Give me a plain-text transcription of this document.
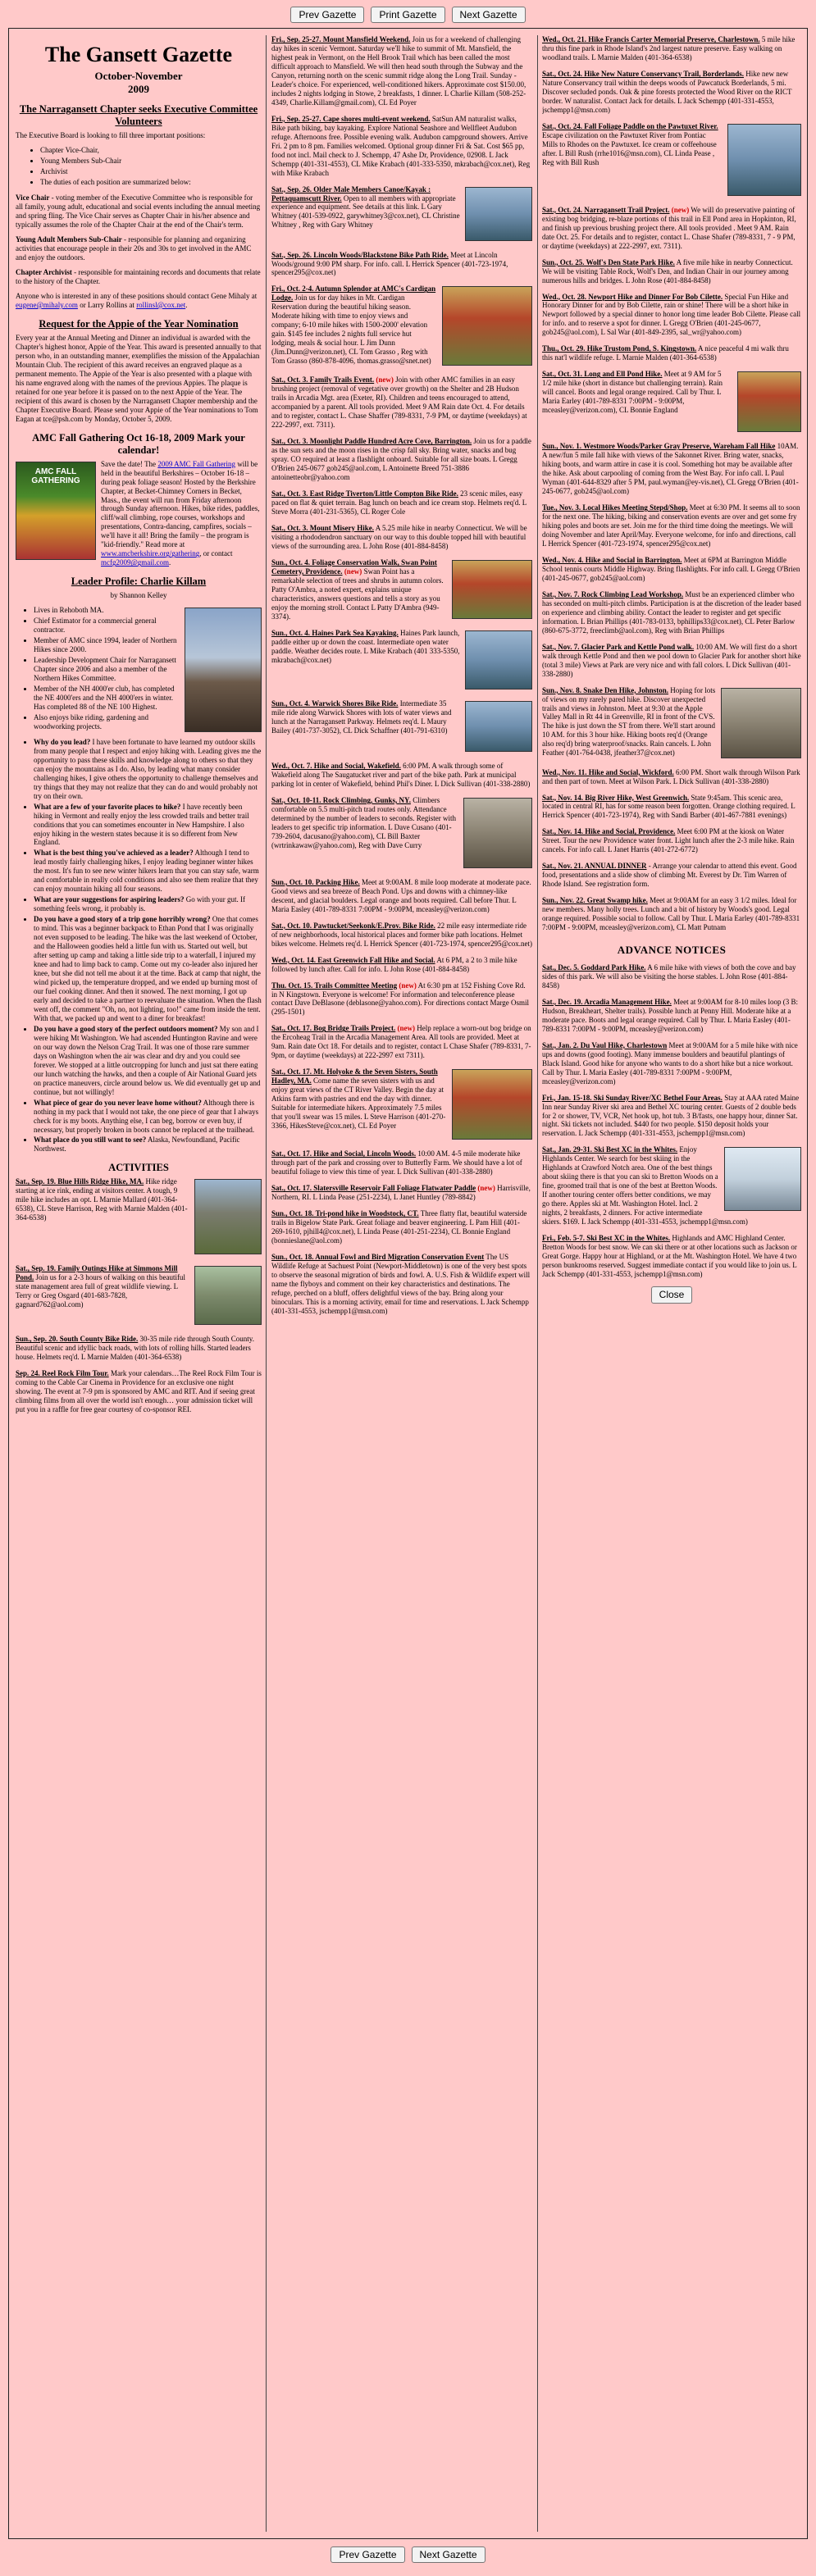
Prev Gazette Print Gazette Next Gazette
The Gansett Gazette
October-November
2009
The Narragansett Chapter seeks Executive Committee Volunteers

The Executive Board is looking to fill three important positions:

• Chapter Vice-Chair,
• Young Members Sub-Chair
• Archivist
• The duties of each position are summarized below:

Vice Chair - voting member of the Executive Committee who is responsible for all family, young adult, educational and social events including the annual meeting and spring fling. The Vice Chair serves as Chapter Chair in his/her absence and typically assumes the role of the Chapter Chair at the end of the Chair's term.

Young Adult Members Sub-Chair - responsible for planning and organizing activities that encourage people in their 20s and 30s to get involved in the AMC and enjoy the outdoors.

Chapter Archivist - responsible for maintaining records and documents that relate to the history of the Chapter.

Anyone who is interested in any of these positions should contact Gene Mihaly at eugene@mihaly.com or Larry Rollins at rollinsl@cox.net.

Request for the Appie of the Year Nomination

Every year at the Annual Meeting and Dinner an individual is awarded with the Chapter's highest honor, Appie of the Year. This award is presented annually to that person who, in an outstanding manner, exemplifies the mission of the Appalachian Mountain Club. The recipient of this award receives an engraved plaque as a permanent memento. The Appie of the Year is also presented with a plaque with his name engraved along with the names of the previous Appies. The plaque is retained for one year before it is passed on to the next Appie of the Year. The recipient of this award is chosen by the Narragansett Chapter membership and the Chapter Executive Board. Please send your Appie of the Year nominations to Tom Eagan at tce@psh.com by Monday, October 5, 2009.

AMC Fall Gathering Oct 16-18, 2009 Mark your calendar!

AMC FALL GATHERING
Save the date! The 2009 AMC Fall Gathering will be held in the beautiful Berkshires – October 16-18 – during peak foliage season! Hosted by the Berkshire Chapter, at Becket-Chimney Corners in Becket, Mass., the event will run from Friday afternoon through Sunday afternoon. Hikes, bike rides, paddles, cliff/wall climbing, rope courses, workshops and presentations, Contra-dancing, campfires, socials – we'll have it all! Bring the family – the program is "kid-friendly." Read more at www.amcberkshire.org/gathering, or contact mcfg2009@gmail.com.

Leader Profile: Charlie Killam

by Shannon Kelley

• Lives in Rehoboth MA.
• Chief Estimator for a commercial general contractor.
• Member of AMC since 1994, leader of Northern Hikes since 2000.
• Leadership Development Chair for Narragansett Chapter since 2006 and also a member of the Northern Hikes Committee.
• Member of the NH 4000'er club, has completed the NE 4000'ers and the NH 4000'ers in winter. Has completed 88 of the NE 100 Highest.
• Also enjoys bike riding, gardening and woodworking projects.
• Why do you lead? I have been fortunate to have learned my outdoor skills from many people that I respect and enjoy hiking with. Leading gives me the opportunity to pass these skills and knowledge along to others so that they can enjoy the mountains as I do. Also, by leading what many consider challenging hikes, I give others the opportunity to challenge themselves and try things that they may not realize that they can do and would probably not try on their own.
• What are a few of your favorite places to hike? I have recently been hiking in Vermont and really enjoy the less crowded trails and better trail conditions that you can sometimes encounter in New Hampshire. I also enjoy hiking in the western states because it is so different from New England.
• What is the best thing you've achieved as a leader? Although I tend to lead mostly fairly challenging hikes, I enjoy leading beginner winter hikes the most. It's fun to see new winter hikers learn that you can stay safe, warm and comfortable in really cold conditions and also see them realize that they can enjoy mountain hiking all four seasons.
• What are your suggestions for aspiring leaders? Go with your gut. If something feels wrong, it probably is.
• Do you have a good story of a trip gone horribly wrong? One that comes to mind. This was a beginner backpack to Ethan Pond that I was originally not even supposed to be leading. The hike was the last weekend of October, and the Halloween goodies held a little fun with us. Started out well, but after setting up camp and taking a little side trip to a waterfall, I injured my knee and had to limp back to camp. Come out my co-leader also injured her knee, but she did not tell me about it at the time. Back at camp that night, the wind picked up, the temperature dropped, and we ended up burning most of our fuel cooking dinner. And then it snowed. The next morning, I got up early and decided to take a partner to reevaluate the situation. When the flash went off, the comment "Oh, no, not lighting, too!" came from inside the tent. With that, we packed up and went to a diner for breakfast!
• Do you have a good story of the perfect outdoors moment? My son and I were hiking Mt Washington. We had ascended Huntington Ravine and were on our way down the Nelson Crag Trail. It was one of those rare summer days on Washington when the air was clear and dry and you could see forever. We stopped at a little outcropping for lunch and just sat there eating our lunch watching the hawks, and then a couple of Air National Guard jets on practice maneuvers, circle around below us. We did eventually get up and continue, but not willingly!
• What piece of gear do you never leave home without? Although there is nothing in my pack that I would not take, the one piece of gear that I always check for is my boots. Anything else, I can beg, borrow or even buy, if necessary, but properly broken in boots cannot be replaced at the trailhead.
• What place do you still want to see? Alaska, Newfoundland, Pacific Northwest.
ACTIVITIES
Sat., Sep. 19. Blue Hills Ridge Hike, MA. Hike ridge starting at ice rink, ending at visitors center. A tough, 9 mile hike includes an opt. L Marnie Mallard (401-364-6538), CL Steve Harrison, Reg with Marnie Malden (401-364-6538)
Sat., Sep. 19. Family Outings Hike at Simmons Mill Pond. Join us for a 2-3 hours of walking on this beautiful state management area full of great wildlife viewing. L Terry or Greg Osgard (401-683-7828, gagnard762@aol.com)
Sun., Sep. 20. South County Bike Ride. 30-35 mile ride through South County. Beautiful scenic and idyllic back roads, with lots of rolling hills. Started leaders house. Helmets req'd. L Marnie Malden (401-364-6538)
Sep. 24. Reel Rock Film Tour. Mark your calendars…The Reel Rock Film Tour is coming to the Cable Car Cinema in Providence for an exclusive one night showing. The event at 7-9 pm is sponsored by AMC and RIT. And if seeing great climbing films from all over the world isn't enough… your admission ticket will put you in a raffle for free gear courtesy of co-sponsor REI.
Fri., Sep. 25-27. Mount Mansfield Weekend. Join us for a weekend of challenging day hikes in scenic Vermont. Saturday we'll hike to summit of Mt. Mansfield, the highest peak in Vermont, on the Hell Brook Trail which has been called the most difficult approach to Mansfield. We will then head south through the Subway and the Canyon, returning north on the scenic summit ridge along the Long Trail. Sunday - Leader's choice. For experienced, well-conditioned hikers. Approximate cost $150.00, includes 2 nights lodging in Stowe, 2 breakfasts, 1 dinner. L Charlie Killam (508-252-4349, Charlie.Killam@gmail.com), CL Ed Poyer
Fri., Sep. 25-27. Cape shores multi-event weekend. SatSun AM naturalist walks, Bike path biking, bay kayaking. Explore National Seashore and Wellfleet Audubon refuge. Afternoons free. Possible evening walk. Audubon campground showers. Arrive Fri. 2 pm to 8 pm. Families welcomed. Optional group dinner Fri & Sat. Cost $65 pp, food not incl. Mail check to J. Schempp, 47 Ashe Dr, Providence, 02908. L Jack Schempp (401-331-4553), CL Mike Krabach (401-333-5350, mkrabach@cox.net), Reg with Mike Krabach
Sat., Sep. 26. Older Male Members Canoe/Kayak : Pettaquamscutt River. Open to all members with appropriate experience and equipment. See details at this link. L Gary Whitney (401-539-0922, garywhitney3@cox.net), CL Christine Whitney , Reg with Gary Whitney
Sat., Sep. 26. Lincoln Woods/Blackstone Bike Path Ride. Meet at Lincoln Woods/ground 9:00 PM sharp. For info. call. L Herrick Spencer (401-723-1974, spencer295@cox.net)
Fri., Oct. 2-4. Autumn Splendor at AMC's Cardigan Lodge. Join us for day hikes in Mt. Cardigan Reservation during the beautiful hiking season. Moderate hiking with time to enjoy views and company; 6-10 mile hikes with 1500-2000' elevation gain. $145 fee includes 2 nights full service hut lodging, meals & social hour. L Jim Dunn (Jim.Dunn@verizon.net), CL Tom Grasso , Reg with Tom Grasso (860-878-4096, thomas.grasso@snet.net)
Sat., Oct. 3. Family Trails Event. (new) Join with other AMC families in an easy brushing project (removal of vegetative over growth) on the Shelter and 2B Hudson trails in Arcadia Mgt. area (Exeter, RI). Children and teens encouraged to attend, accompanied by a parent. All tools provided. Meet 9 AM Rain date Oct. 4. For details and to register, contact L. Chase Shaffer (789-8331, 7-9 PM, or daytime (weekdays) at 222-2997, ext. 7311).
Sat., Oct. 3. Moonlight Paddle Hundred Acre Cove, Barrington. Join us for a paddle as the sun sets and the moon rises in the crisp fall sky. Bring water, snacks and bug spray. CO required at least a flashlight onboard. Suitable for all size boats. L Gregg O'Brien 245-0677 gob245@aol.com, L Antoinette Breed 751-3886 antoinetteobr@yahoo.com
Sat., Oct. 3. East Ridge Tiverton/Little Compton Bike Ride. 23 scenic miles, easy paced on flat & quiet terrain. Bag lunch on beach and ice cream stop. Helmets req'd. L Steve Morra (401-231-5365), CL Roger Cole
Sat., Oct. 3. Mount Misery Hike. A 5.25 mile hike in nearby Connecticut. We will be visiting a rhododendron sanctuary on our way to this double topped hill with beautiful views of the surrounding area. L John Rose (401-884-8458)
Sun., Oct. 4. Foliage Conservation Walk, Swan Point Cemetery, Providence. (new) Swan Point has a remarkable selection of trees and shrubs in autumn colors. Patty O'Ambra, a noted expert, explains unique characteristics, answers questions and tells a story as you enjoy the morning stroll. Contact L Patty D'Ambra (949-3374).
Sun., Oct. 4. Haines Park Sea Kayaking. Haines Park launch, paddle either up or down the coast. Intermediate open water paddle. Weather decides route. L Mike Krabach (401 333-5350, mkrabach@cox.net)
Sun., Oct. 4. Warwick Shores Bike Ride. Intermediate 35 mile ride along Warwick Shores with lots of water views and lunch at the Narragansett Parkway. Helmets req'd. L Maury Bailey (401-737-3052), CL Dick Schaffner (401-791-6310)
Wed., Oct. 7. Hike and Social, Wakefield. 6:00 PM. A walk through some of Wakefield along The Saugatucket river and part of the bike path. Park at municipal parking lot in center of Wakefield, behind Phil's Diner. L Dick Sullivan (401-338-2880)
Sat., Oct. 10-11. Rock Climbing, Gunks, NY. Climbers comfortable on 5.5 multi-pitch trad routes only. Attendance determined by the number of leaders to seconds. Register with leaders to get specific trip information. L Dave Cusano (401-739-2604, dacusano@yahoo.com), CL Bill Baxter (wrtrinkawaw@yahoo.com), Reg with Dave Curry
Sun., Oct. 10. Packing Hike. Meet at 9:00AM. 8 mile loop moderate at moderate pace. Good views and sea breeze of Beach Pond. Ups and downs with a chimney-like descent, and glacial boulders. Legal orange and boots required. Call before Thur. L Maria Easley (401-789-8331 7:00PM - 9:00PM, mceasley@verizon.com)
Sat., Oct. 10. Pawtucket/Seekonk/E.Prov. Bike Ride. 22 mile easy intermediate ride of new neighborhoods, local historical places and former bike path locations. Helmet bikes welcome. Helmets req'd. L Herrick Spencer (401-723-1974, spencer295@cox.net)
Wed., Oct. 14. East Greenwich Fall Hike and Social. At 6 PM, a 2 to 3 mile hike followed by lunch after. Call for info. L John Rose (401-884-8458)
Thu. Oct. 15. Trails Committee Meeting (new) At 6:30 pm at 152 Fishing Cove Rd. in N Kingstown. Everyone is welcome! For information and teleconference please contact Dave DeBlasone (deblasone@yahoo.com). For directions contact Marge Osmil (295-1501)
Sat., Oct. 17. Bog Bridge Trails Project. (new) Help replace a worn-out bog bridge on the Ercoheag Trail in the Arcadia Management Area. All tools are provided. Meet at 9am. Rain date Oct 18. For details and to register, contact L Chase Shafer (789-8331, 7-9pm, or daytime (weekdays) at 222-2997 ext 7311).
Sat., Oct. 17. Mt. Holyoke & the Seven Sisters, South Hadley, MA. Come name the seven sisters with us and enjoy great views of the CT River Valley. Begin the day at Atkins farm with pastries and end the day with dinner. Suitable for intermediate hikers. Approximately 7.5 miles that you'll swear was 15 miles. L Steve Harrison (401-270-3366, HikesSteve@cox.net), CL Ed Poyer
Sat., Oct. 17. Hike and Social, Lincoln Woods. 10:00 AM. 4-5 mile moderate hike through part of the park and crossing over to Butterfly Farm. We should have a lot of beautiful foliage to view this time of year. L Dick Sullivan (401-338-2880)
Sat., Oct. 17. Slatersville Reservoir Fall Foliage Flatwater Paddle (new) Harrisville, Northern, RI. L Linda Pease (251-2234), L Janet Huntley (789-8842)
Sun., Oct. 18. Tri-pond hike in Woodstock, CT. Three flatty flat, beautiful waterside trails in Bigelow State Park. Great foliage and beaver engineering. L Pam Hill (401-269-1610, pjhill4@cox.net), L Linda Pease (401-251-2234), CL Bonnie England (bonnieslane@aol.com)
Sun., Oct. 18. Annual Fowl and Bird Migration Conservation Event The US Wildlife Refuge at Sachuest Point (Newport-Middletown) is one of the very best spots to observe the seasonal migration of birds and fowl. A. U.S. Fish & Wildlife expert will name the flyboys and comment on their key characteristics and destinations. The refuge, perched on a bluff, offers delightful views of the bay. Bring along your binoculars. This is a morning activity, email for time and reservations. L Jack Schempp (401-331-4553, jschempp1@msn.com)
Wed., Oct. 21. Hike Francis Carter Memorial Preserve, Charlestown. 5 mile hike thru this fine park in Rhode Island's 2nd largest nature preserve. Easy walking on woodland trails. L Marnie Malden (401-364-6538)
Sat., Oct. 24. Hike New Nature Conservancy Trail, Borderlands. Hike new new Nature Conservancy trail within the deeps woods of Pawcatuck Borderlands, 5 mi. Discover secluded ponds. Oak & pine forests protected the Wood River on the RICT border. W naturalist. Contact Jack for details. L Jack Schempp (401-331-4553, jschempp1@msn.com)
Sat., Oct. 24. Fall Foliage Paddle on the Pawtuxet River. Escape civilization on the Pawtuxet River from Pontiac Mills to Rhodes on the Pawtuxet. Ice cream or coffeehouse after. L Bill Rush (rrhe1016@msn.com), CL Linda Pease , Reg with Bill Rush
Sat., Oct. 24. Narragansett Trail Project. (new) We will do preservative painting of existing bog bridging, re-blaze portions of this trail in Ell Pond area in Hopkinton, RI, and finish up previous brushing project there. All tools provided . Meet 9 AM. Rain date Oct. 25. For details and to register, contact L. Chase Shafer (789-8331, 7 - 9 PM, or daytime (weekdays) at 222-2997, ext. 7311).
Sun., Oct. 25. Wolf's Den State Park Hike. A five mile hike in nearby Connecticut. We will be visiting Table Rock, Wolf's Den, and Indian Chair in our journey among numerous hills and bridges. L John Rose (401-884-8458)
Wed., Oct. 28. Newport Hike and Dinner For Bob Cilette. Special Fun Hike and Honorary Dinner for and by Bob Cilette, rain or shine! There will be a short hike in Newport followed by a special dinner to honor long time leader Bob Cilette. Please call for info. and to reserve a spot for dinner. L Gregg O'Brien (401-245-0677, gob245@aol.com), L Sal War (401-849-2395, sal_wr@yahoo.com)
Thu., Oct. 29. Hike Trustom Pond, S. Kingstown. A nice peaceful 4 mi walk thru this nat'l wildlife refuge. L Marnie Malden (401-364-6538)
Sat., Oct. 31. Long and Ell Pond Hike. Meet at 9 AM for 5 1/2 mile hike (short in distance but challenging terrain). Rain will cancel. Boots and legal orange required. Call by Thur. L Maria Earley (401-789-8331 7:00PM - 9:00PM, mceasley@verizon.com), CL Bonnie England
Sun., Nov. 1. Westmore Woods/Parker Gray Preserve, Wareham Fall Hike 10AM. A new/fun 5 mile fall hike with views of the Sakonnet River. Bring water, snacks, hiking boots, and warm attire in case it is cool. Something hot may be available after the hike. Ask about carpooling of coming from the West Bay. For info call. L Paul Wyman (401-644-8329 after 5 PM, paul.wyman@ey-vis.net), CL Gregg O'Brien (401-245-0677, gob245@aol.com)
Tue., Nov. 3. Local Hikes Meeting Stepd/Shop. Meet at 6:30 PM. It seems all to soon for the next one. The hiking, biking and conservation events are over and get some fry hiking poles and boots are set. Join me for the third time doing the meetings. We will doing November and later April/May. Everyone welcome, for info and directions, call L Herrick Spencer (401-723-1974, spencer295@cox.net)
Wed., Nov. 4. Hike and Social in Barrington. Meet at 6PM at Barrington Middle School tennis courts Middle Highway. Bring flashlights. For info call. L Gregg O'Brien (401-245-0677, gob245@aol.com)
Sat., Nov. 7. Rock Climbing Lead Workshop. Must be an experienced climber who has seconded on multi-pitch climbs. Participation is at the discretion of the leader based on experience and climbing ability. Contact the leader to register and get specific information. L Brian Phillips (401-783-0133, bphillips33@cox.net), CL Peter Barlow (860-675-3772, freeclimb@aol.com), Reg with Brian Phillips
Sat., Nov. 7. Glacier Park and Kettle Pond walk. 10:00 AM. We will first do a short walk through Kettle Pond and then we pool down to Glacier Park for another short hike (total 3 mile) Views at Park are very nice and with fall colors. L Dick Sullivan (401-338-2880)
Sun., Nov. 8. Snake Den Hike, Johnston. Hoping for lots of views on my rarely pared hike. Discover unexpected trails and views in Johnston. Meet at 9:30 at the Apple Valley Mall in Rt 44 in Greenville, RI in front of the CVS. The hike is just down the ST from there. We'll start around 10 AM. for this 3 hour hike. Hiking boots req'd (Orange also req'd) bring waterproof/snacks. Rain cancels. L John Feather (401-764-0438, jfeather37@cox.net)
Wed., Nov. 11. Hike and Social, Wickford. 6:00 PM. Short walk through Wilson Park and then part of town. Meet at Wilson Park. L Dick Sullivan (401-338-2880)
Sat., Nov. 14. Big River Hike, West Greenwich. State 9:45am. This scenic area, located in central RI, has for some reason been forgotten. Orange clothing required. L Herrick Spencer (401-723-1974), Reg with Sandi Barber (401-467-7881 evenings)
Sat., Nov. 14. Hike and Social, Providence. Meet 6:00 PM at the kiosk on Water Street. Tour the new Providence water front. Light lunch after the 2-3 mile hike. Rain cancels. For info call. L Janet Harris (401-272-6772)
Sat., Nov. 21. ANNUAL DINNER - Arrange your calendar to attend this event. Good food, presentations and a slide show of climbing Mt. Everest by Dr. Tim Warren of Rhode Island. See registration form.
Sun., Nov. 22. Great Swamp hike. Meet at 9:00AM for an easy 3 1/2 miles. Ideal for new members. Many holly trees. Lunch and a bit of history by Woods's good. Legal orange required. Possible social to follow. Call by Thur. L Maria Earley (401-789-8331 7:00PM - 9:00PM, mceasley@verizon.com), CL Matt Putnam
ADVANCE NOTICES
Sat., Dec. 5. Goddard Park Hike. A 6 mile hike with views of both the cove and bay sides of this park. We will also be visiting the horse stables. L John Rose (401-884-8458)
Sat., Dec. 19. Arcadia Management Hike. Meet at 9:00AM for 8-10 miles loop (3 B: Hudson, Breakheart, Shelter trails). Possible lunch at Penny Hill. Moderate hike at a moderate pace. Boots and legal orange required. Call by Thur. L Maria Easley (401-789-8331 7:00PM - 9:00PM, mceasley@verizon.com)
Sat., Jan. 2. Du Vaul Hike, Charlestown Meet at 9:00AM for a 5 mile hike with nice ups and downs (good footing). Many immense boulders and beautiful plantings of Black Island. Good hike for anyone who wants to do a short hike but a nice workout. Call by Thur. L Maria Easley (401-789-8331 7:00PM - 9:00PM, mceasley@verizon.com)
Fri., Jan. 15-18. Ski Sunday River/XC Bethel Four Areas. Stay at AAA rated Maine Inn near Sunday River ski area and Bethel XC touring center. Guests of 2 double beds for 2 or shower, TV, VCR, Net hook up, hot tub. 3 B/fasts, one happy hour, dinner Sat. night. Ski tickets not included. $440 for two people. $150 deposit holds your reservation. L Jack Schempp (401-331-4553, jschempp1@msn.com)
Sat., Jan. 29-31. Ski Best XC in the Whites. Enjoy Highlands Center. We search for best skiing in the Highlands at Crawford Notch area. One of the best things about skiing there is that you can ski to Bretton Woods on a fine, groomed trail that is one of the best at Bretton Woods. If another touring center offers better conditions, we may go there. Apples ski at Mt. Washington Hotel. Incl. 2 nights, 2 breakfasts, 2 dinners. For active intermediate skiers. $169. L Jack Schempp (401-331-4553, jschempp1@msn.com)
Fri., Feb. 5-7. Ski Best XC in the Whites. Highlands and AMC Highland Center. Bretton Woods for best snow. We can ski there or at other locations such as Jackson or Great Gorge. Happy hour at Highland, or at the Mt. Washington Hotel. We have 4 two person bunkrooms reserved. Suggest immediate contact if you would like to join us. L Jack Schempp (401-331-4553, jschempp1@msn.com)
Close
Prev Gazette Next Gazette
